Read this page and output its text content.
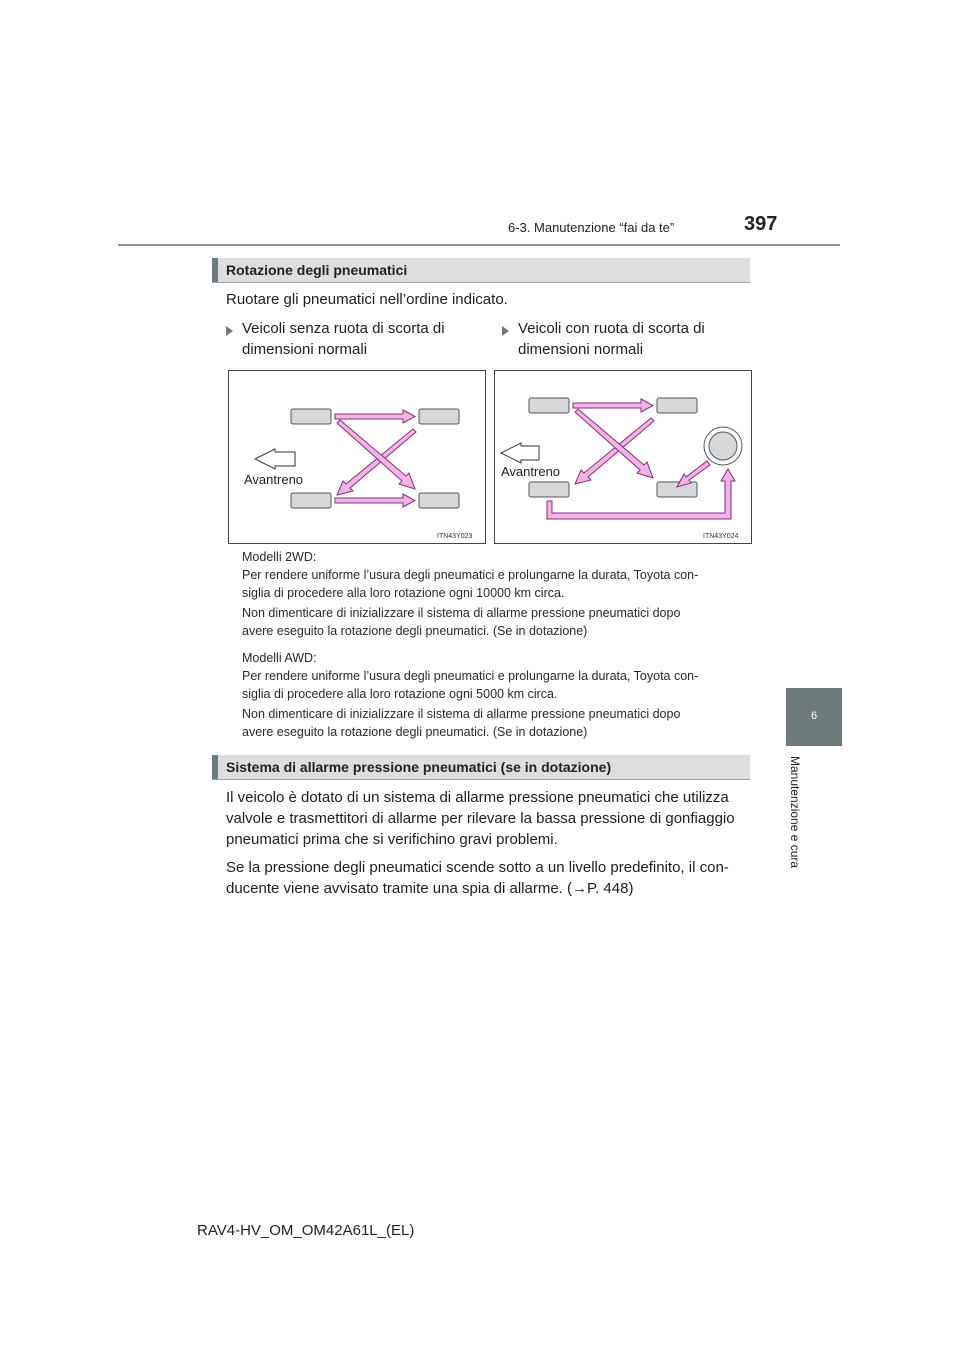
6-3. Manutenzione “fai da te”	397
6
Manutenzione e cura
Rotazione degli pneumatici
Ruotare gli pneumatici nell’ordine indicato.
Veicoli senza ruota di scorta di
dimensioni normali
Veicoli con ruota di scorta di
dimensioni normali
Avantreno
ITN43Y023
Avantreno
ITN43Y024
Modelli 2WD:
Per rendere uniforme l’usura degli pneumatici e prolungarne la durata, Toyota con-
siglia di procedere alla loro rotazione ogni 10000 km circa.
Non dimenticare di inizializzare il sistema di allarme pressione pneumatici dopo
avere eseguito la rotazione degli pneumatici. (Se in dotazione)
Modelli AWD:
Per rendere uniforme l’usura degli pneumatici e prolungarne la durata, Toyota con-
siglia di procedere alla loro rotazione ogni 5000 km circa.
Non dimenticare di inizializzare il sistema di allarme pressione pneumatici dopo
avere eseguito la rotazione degli pneumatici. (Se in dotazione)
Sistema di allarme pressione pneumatici (se in dotazione)
Il veicolo è dotato di un sistema di allarme pressione pneumatici che utilizza
valvole e trasmettitori di allarme per rilevare la bassa pressione di gonfiaggio
pneumatici prima che si verifichino gravi problemi.
Se la pressione degli pneumatici scende sotto a un livello predefinito, il con-
ducente viene avvisato tramite una spia di allarme. (→P. 448)
RAV4-HV_OM_OM42A61L_(EL)
